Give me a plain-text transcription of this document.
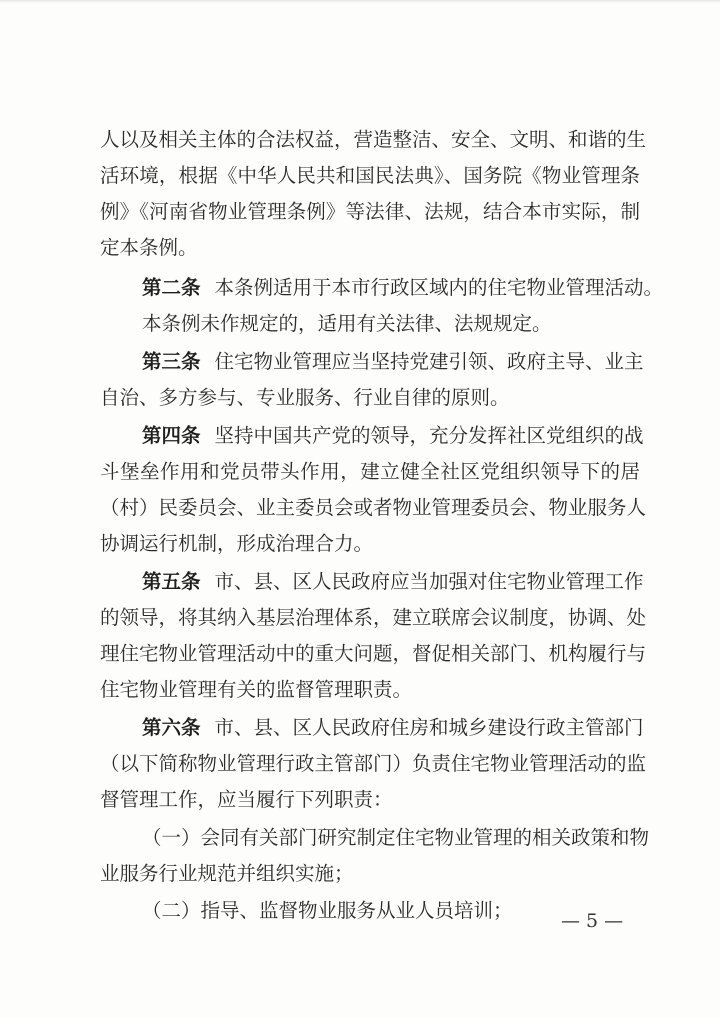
人以及相关主体的合法权益，营造整洁、安全、文明、和谐的生
活环境，根据《中华人民共和国民法典》、国务院《物业管理条
例》《河南省物业管理条例》等法律、法规，结合本市实际，制
定本条例。
第二条 本条例适用于本市行政区域内的住宅物业管理活动。
本条例未作规定的，适用有关法律、法规规定。
第三条 住宅物业管理应当坚持党建引领、政府主导、业主
自治、多方参与、专业服务、行业自律的原则。
第四条 坚持中国共产党的领导，充分发挥社区党组织的战
斗堡垒作用和党员带头作用，建立健全社区党组织领导下的居
（村）民委员会、业主委员会或者物业管理委员会、物业服务人
协调运行机制，形成治理合力。
第五条 市、县、区人民政府应当加强对住宅物业管理工作
的领导，将其纳入基层治理体系，建立联席会议制度，协调、处
理住宅物业管理活动中的重大问题，督促相关部门、机构履行与
住宅物业管理有关的监督管理职责。
第六条 市、县、区人民政府住房和城乡建设行政主管部门
（以下简称物业管理行政主管部门）负责住宅物业管理活动的监
督管理工作，应当履行下列职责：
（一）会同有关部门研究制定住宅物业管理的相关政策和物
业服务行业规范并组织实施；
（二）指导、监督物业服务从业人员培训；	— 5 —
